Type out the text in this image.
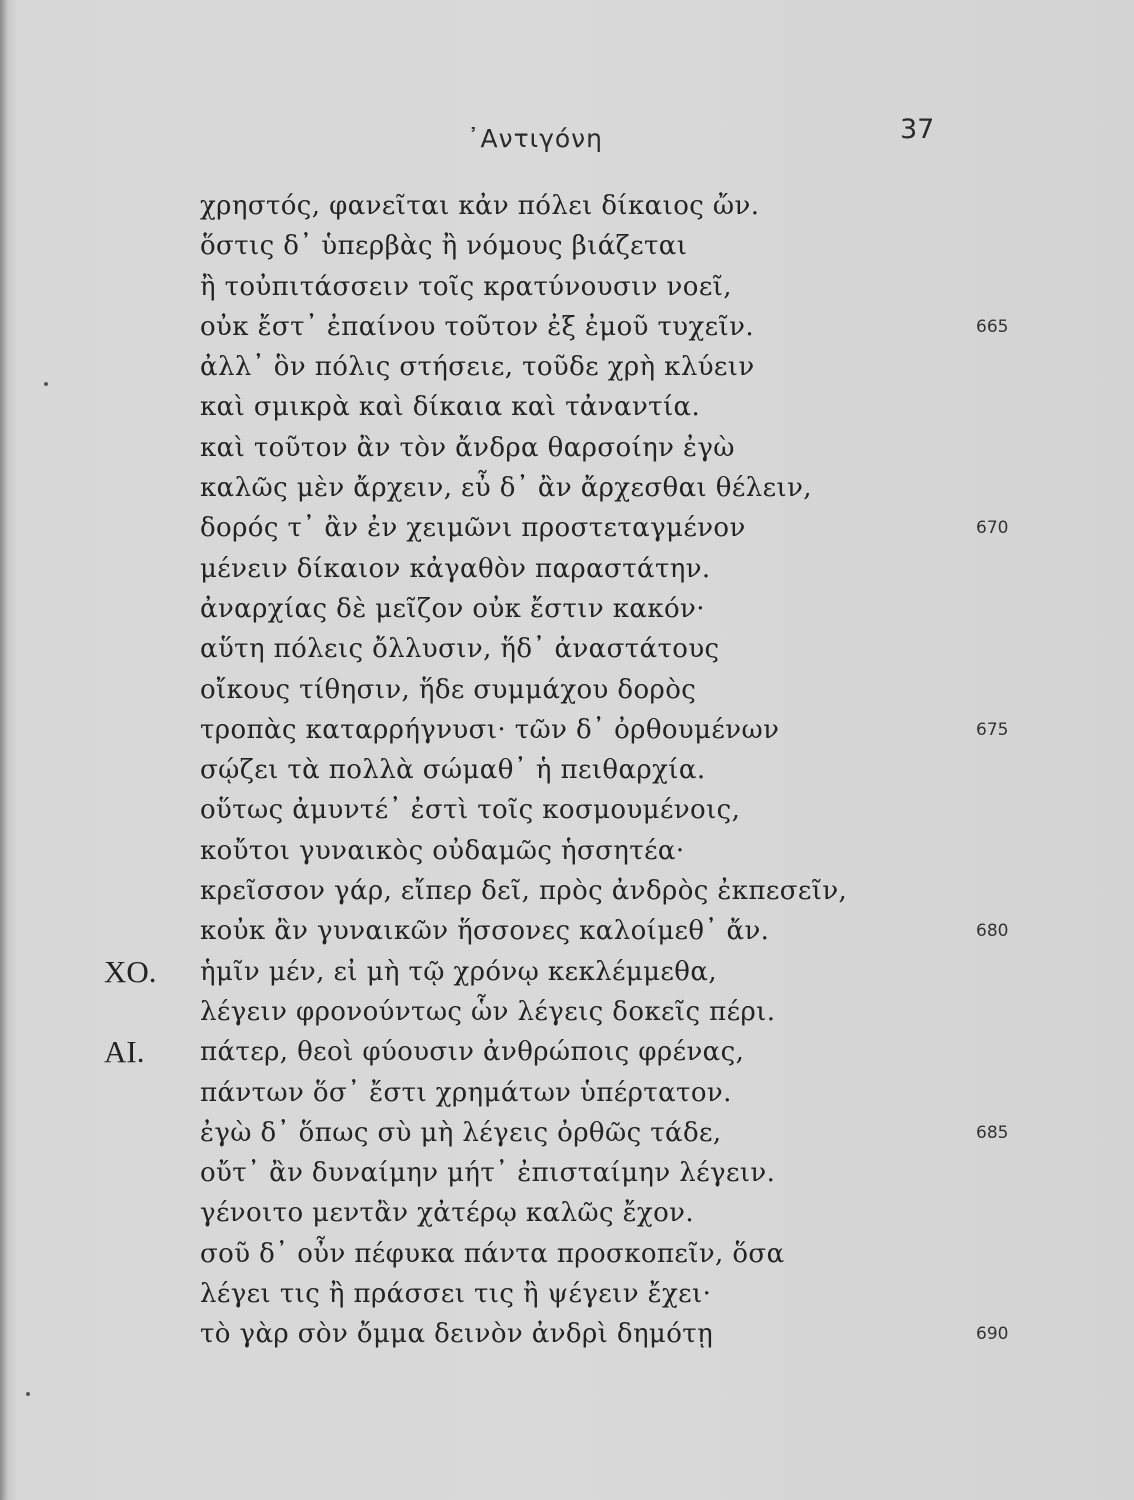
᾿Αντιγόνη	37
χρηστός, φανεῖται κἀν πόλει δίκαιος ὤν.
ὅστις δ᾽ ὑπερβὰς ἢ νόμους βιάζεται
ἢ τοὐπιτάσσειν τοῖς κρατύνουσιν νοεῖ,
οὐκ ἔστ᾽ ἐπαίνου τοῦτον ἐξ ἐμοῦ τυχεῖν.	665
ἀλλ᾽ ὃν πόλις στήσειε, τοῦδε χρὴ κλύειν
καὶ σμικρὰ καὶ δίκαια καὶ τἀναντία.
καὶ τοῦτον ἂν τὸν ἄνδρα θαρσοίην ἐγὼ
καλῶς μὲν ἄρχειν, εὖ δ᾽ ἂν ἄρχεσθαι θέλειν,
δορός τ᾽ ἂν ἐν χειμῶνι προστεταγμένον	670
μένειν δίκαιον κἀγαθὸν παραστάτην.
ἀναρχίας δὲ μεῖζον οὐκ ἔστιν κακόν·
αὕτη πόλεις ὄλλυσιν, ἥδ᾽ ἀναστάτους
οἴκους τίθησιν, ἥδε συμμάχου δορὸς
τροπὰς καταρρήγνυσι· τῶν δ᾽ ὀρθουμένων	675
σῴζει τὰ πολλὰ σώμαθ᾽ ἡ πειθαρχία.
οὕτως ἀμυντέ᾽ ἐστὶ τοῖς κοσμουμένοις,
κοὔτοι γυναικὸς οὐδαμῶς ἡσσητέα·
κρεῖσσον γάρ, εἴπερ δεῖ, πρὸς ἀνδρὸς ἐκπεσεῖν,
κοὐκ ἂν γυναικῶν ἥσσονες καλοίμεθ᾽ ἄν.	680
ΧΟ. ἡμῖν μέν, εἰ μὴ τῷ χρόνῳ κεκλέμμεθα,
λέγειν φρονούντως ὧν λέγεις δοκεῖς πέρι.
ΑΙ. πάτερ, θεοὶ φύουσιν ἀνθρώποις φρένας,
πάντων ὅσ᾽ ἔστι χρημάτων ὑπέρτατον.
ἐγὼ δ᾽ ὅπως σὺ μὴ λέγεις ὀρθῶς τάδε,	685
οὔτ᾽ ἂν δυναίμην μήτ᾽ ἐπισταίμην λέγειν.
γένοιτο μεντἂν χἀτέρῳ καλῶς ἔχον.
σοῦ δ᾽ οὖν πέφυκα πάντα προσκοπεῖν, ὅσα
λέγει τις ἢ πράσσει τις ἢ ψέγειν ἔχει·
τὸ γὰρ σὸν ὄμμα δεινὸν ἀνδρὶ δημότῃ	690
